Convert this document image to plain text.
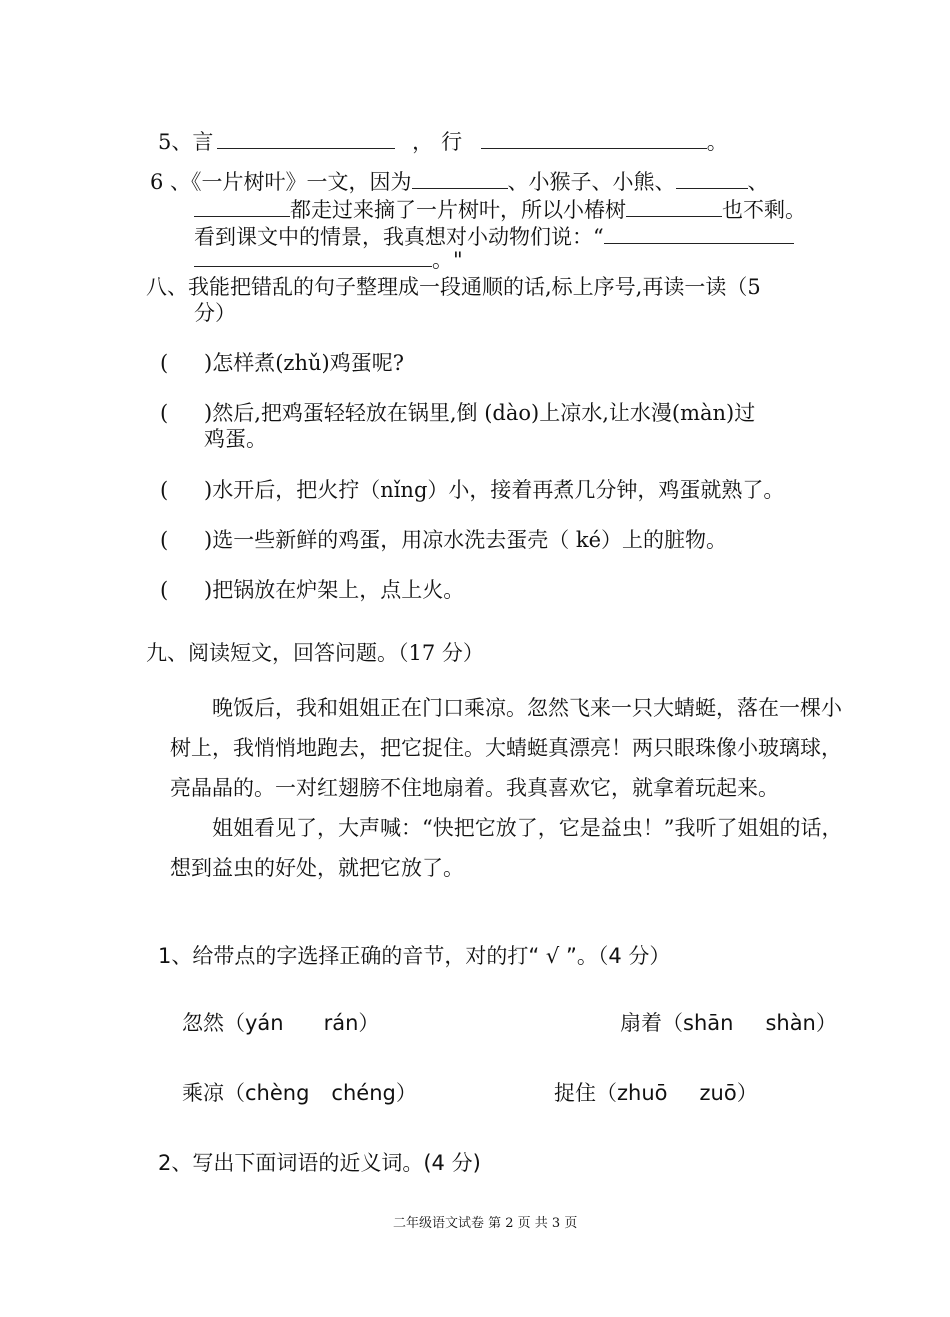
5、言	， 行	。
6 、《一片树叶》一文，因为	、小猴子、小熊、	、
都走过来摘了一片树叶，所以小椿树	也不剩。
看到课文中的情景，我真想对小动物们说：“
。"
八、我能把错乱的句子整理成一段通顺的话,标上序号,再读一读（5
分）
( )怎样煮(zhǔ)鸡蛋呢?
( )然后,把鸡蛋轻轻放在锅里,倒 (dào)上凉水,让水漫(màn)过
鸡蛋。
( )水开后，把火拧（nǐng）小，接着再煮几分钟，鸡蛋就熟了。
( )选一些新鲜的鸡蛋，用凉水洗去蛋壳（ ké）上的脏物。
( )把锅放在炉架上，点上火。
九、阅读短文，回答问题。（17 分）

晚饭后，我和姐姐正在门口乘凉。忽然飞来一只大蜻蜓，落在一棵小树上，我悄悄地跑去，把它捉住。大蜻蜓真漂亮！两只眼珠像小玻璃球，亮晶晶的。一对红翅膀不住地扇着。我真喜欢它，就拿着玩起来。

姐姐看见了，大声喊：“快把它放了，它是益虫！”我听了姐姐的话，想到益虫的好处，就把它放了。

1、给带点的字选择正确的音节，对的打“ √ ”。（4 分）
忽然（yán rán）	扇着（shān shàn）
乘凉（chèng chéng）	捉住（zhuō zuō）
2、写出下面词语的近义词。(4 分)
二年级语文试卷 第 2 页 共 3 页
